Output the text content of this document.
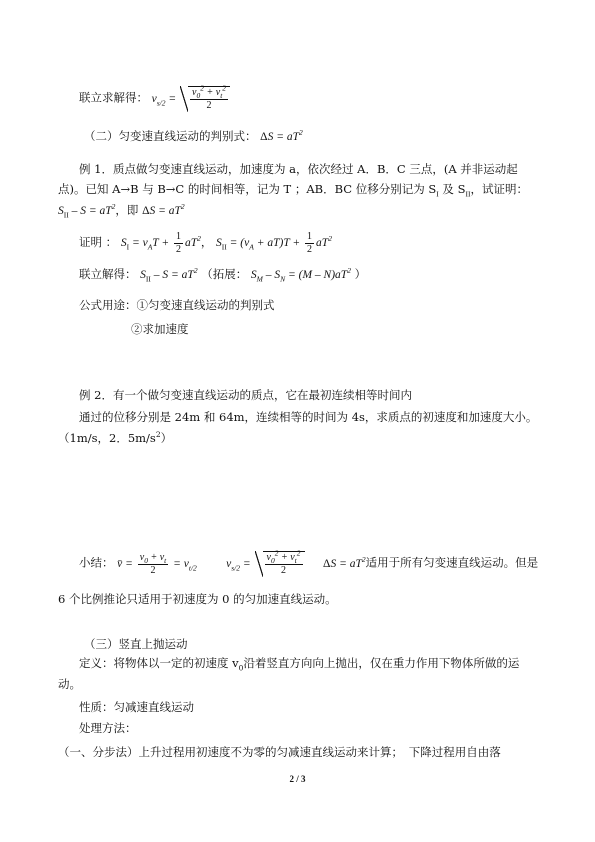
联立求解得： $v_{s/2} = \frac{v_0^2 + v_t^2}{2}$
（二）匀变速直线运动的判别式： $\Delta S = aT^2$
例 1．质点做匀变速直线运动，加速度为 a，依次经过 A．B．C 三点，(A 并非运动起
点)。已知 A→B 与 B→C 的时间相等，记为 T ；AB．BC 位移分别记为 $S_I$ 及 $S_{II}$，试证明：
$S_{II} - S = aT^2$，即 $\Delta S = aT^2$
证明 ： $S_I = v_AT + \frac{1}{2} aT^2$， $S_{II} = (v_A + aT)T + \frac{1}{2} aT^2$
联立解得： $S_{II} - S = aT^2$ （拓展： $S_M - S_N = (M - N)aT^2$ ）
公式用途：①匀变速直线运动的判别式
②求加速度
例 2．有一个做匀变速直线运动的质点，它在最初连续相等时间内
通过的位移分别是 24m 和 64m，连续相等的时间为 4s，求质点的初速度和加速度大小。
（1m/s，2．$5m/s^2$）
小结： v̄ = $\frac{v_0 + v_t}{2} = v_{t/2}$	$v_{s/2} = \frac{v_0^2 + v_t^2}{2}$ $\Delta S = aT^2$适用于所有匀变速直线运动。但是
6 个比例推论只适用于初速度为 0 的匀加速直线运动。
（三）竖直上抛运动
定义：将物体以一定的初速度 $v_0$沿着竖直方向向上抛出，仅在重力作用下物体所做的运
动。
性质：匀减速直线运动
处理方法：
（一、分步法）上升过程用初速度不为零的匀减速直线运动来计算；　下降过程用自由落
2 / 3
